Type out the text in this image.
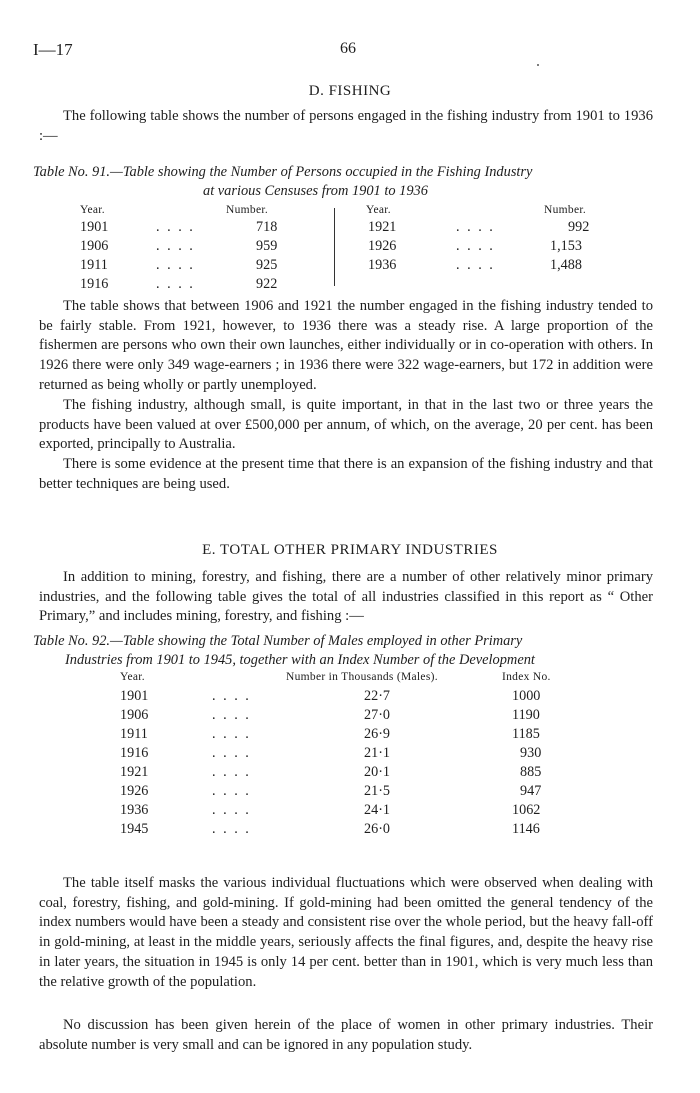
I—17	66
D. FISHING

The following table shows the number of persons engaged in the fishing industry from 1901 to 1936 :—

Table No. 91.—Table showing the Number of Persons occupied in the Fishing Industry
at various Censuses from 1901 to 1936

Year.	Number.	Year.	Number.
1901	. . . .	718
1906	. . . .	959
1911	. . . .	925
1916	. . . .	922
1921	. . . .	992
1926	. . . .	1,153
1936	. . . .	1,488

The table shows that between 1906 and 1921 the number engaged in the fishing industry tended to be fairly stable. From 1921, however, to 1936 there was a steady rise. A large proportion of the fishermen are persons who own their own launches, either individually or in co-operation with others. In 1926 there were only 349 wage-earners ; in 1936 there were 322 wage-earners, but 172 in addition were returned as being wholly or partly unemployed.

The fishing industry, although small, is quite important, in that in the last two or three years the products have been valued at over £500,000 per annum, of which, on the average, 20 per cent. has been exported, principally to Australia.

There is some evidence at the present time that there is an expansion of the fishing industry and that better techniques are being used.

E. TOTAL OTHER PRIMARY INDUSTRIES

In addition to mining, forestry, and fishing, there are a number of other relatively minor primary industries, and the following table gives the total of all industries classified in this report as “ Other Primary,” and includes mining, forestry, and fishing :—

Table No. 92.—Table showing the Total Number of Males employed in other Primary
Industries from 1901 to 1945, together with an Index Number of the Development

Year.	Number in Thousands (Males).	Index No.
1901	. . . .	22·7	1000
1906	. . . .	27·0	1190
1911	. . . .	26·9	1185
1916	. . . .	21·1	930
1921	. . . .	20·1	885
1926	. . . .	21·5	947
1936	. . . .	24·1	1062
1945	. . . .	26·0	1146

The table itself masks the various individual fluctuations which were observed when dealing with coal, forestry, fishing, and gold-mining. If gold-mining had been omitted the general tendency of the index numbers would have been a steady and consistent rise over the whole period, but the heavy fall-off in gold-mining, at least in the middle years, seriously affects the final figures, and, despite the heavy rise in later years, the situation in 1945 is only 14 per cent. better than in 1901, which is very much less than the relative growth of the population.

No discussion has been given herein of the place of women in other primary industries. Their absolute number is very small and can be ignored in any population study.
